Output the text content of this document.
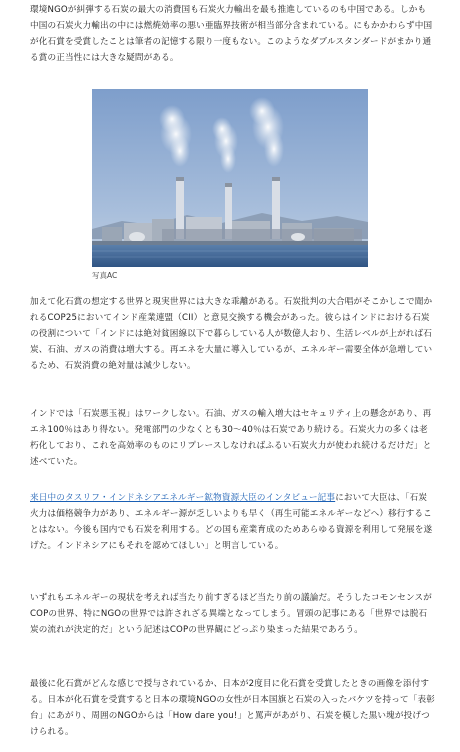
環境NGOが糾弾する石炭の最大の消費国も石炭火力輸出を最も推進しているのも中国である。しかも中国の石炭火力輸出の中には燃焼効率の悪い亜臨界技術が相当部分含まれている。にもかかわらず中国が化石賞を受賞したことは筆者の記憶する限り一度もない。このようなダブルスタンダードがまかり通る賞の正当性には大きな疑問がある。

写真AC

加えて化石賞の想定する世界と現実世界には大きな乖離がある。石炭批判の大合唱がそこかしこで聞かれるCOP25においてインド産業連盟（CII）と意見交換する機会があった。彼らはインドにおける石炭の役割について「インドには絶対貧困線以下で暮らしている人が数億人おり、生活レベルが上がれば石炭、石油、ガスの消費は増大する。再エネを大量に導入しているが、エネルギー需要全体が急増しているため、石炭消費の絶対量は減少しない。

インドでは「石炭悪玉視」はワークしない。石油、ガスの輸入増大はセキュリティ上の懸念があり、再エネ100％はあり得ない。発電部門の少なくとも30〜40％は石炭であり続ける。石炭火力の多くは老朽化しており、これを高効率のものにリプレースしなければふるい石炭火力が使われ続けるだけだ」と述べていた。

来日中のタスリフ・インドネシアエネルギー鉱物資源大臣のインタビュー記事において大臣は、「石炭火力は価格競争力があり、エネルギー源が乏しいよりも早く（再生可能エネルギーなどへ）移行することはない。今後も国内でも石炭を利用する。どの国も産業育成のためあらゆる資源を利用して発展を遂げた。インドネシアにもそれを認めてほしい」と明言している。

いずれもエネルギーの現状を考えれば当たり前すぎるほど当たり前の議論だ。そうしたコモンセンスがCOPの世界、特にNGOの世界では許されざる異端となってしまう。冒頭の記事にある「世界では脱石炭の流れが決定的だ」という記述はCOPの世界観にどっぷり染まった結果であろう。

最後に化石賞がどんな感じで授与されているか、日本が2度目に化石賞を受賞したときの画像を添付する。日本が化石賞を受賞すると日本の環境NGOの女性が日本国旗と石炭の入ったバケツを持って「表彰台」にあがり、周囲のNGOからは「How dare you!」と罵声があがり、石炭を模した黒い塊が投げつけられる。
